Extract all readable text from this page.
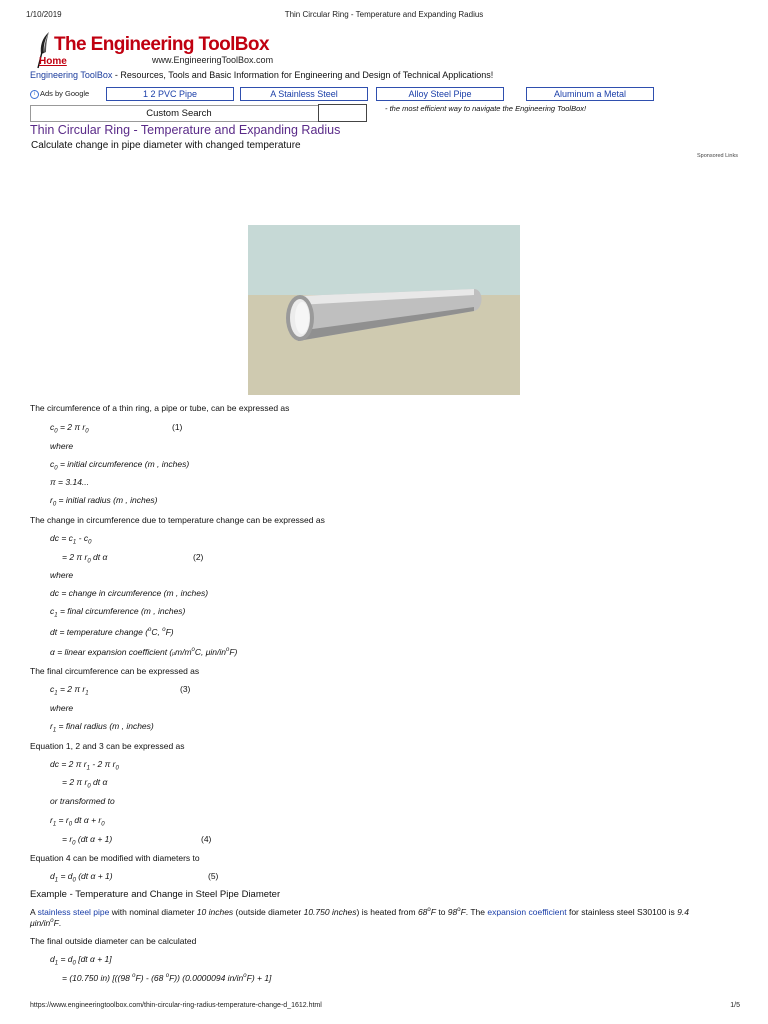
1/10/2019	Thin Circular Ring - Temperature and Expanding Radius
The Engineering ToolBox
www.EngineeringToolBox.com
Home
Engineering ToolBox - Resources, Tools and Basic Information for Engineering and Design of Technical Applications!
i Ads by Google	1 2 PVC Pipe	A Stainless Steel	Alloy Steel Pipe	Aluminum a Metal
Custom Search	- the most efficient way to navigate the Engineering ToolBox!
Thin Circular Ring - Temperature and Expanding Radius
Calculate change in pipe diameter with changed temperature
Sponsored Links
The circumference of a thin ring, a pipe or tube, can be expressed as
$c_0 = 2$ π $r_0$	(1)
where
$c_0$ = initial circumference (m , inches)
π = 3.14...
$r_0$ = initial radius (m , inches)
The change in circumference due to temperature change can be expressed as
dc = $c_1 - c_0$
= 2 π $r_0$ dt α	(2)
where
dc = change in circumference (m , inches)
$c_1$ = final circumference (m , inches)
dt = temperature change ($^o$C, $^o$F)
α = linear expansion coefficient ($\mu m/m^oC$, μin/$in^oF$)
The final circumference can be expressed as
$c_1 = 2$ π $r_1$	(3)
where
$r_1$ = final radius (m , inches)
Equation 1, 2 and 3 can be expressed as
dc = 2 π $r_1 - 2$ π $r_0$
= 2 π $r_0$ dt α
or transformed to
$r_1 = r_0$ dt $\alpha + r_0$
= $r_0$ (dt α + 1)	(4)
Equation 4 can be modified with diameters to
$d_1 = d_0$ (dt α + 1)	(5)
Example - Temperature and Change in Steel Pipe Diameter
A stainless steel pipe with nominal diameter 10 inches (outside diameter 10.750 inches) is heated from 68$^o$F to 98$^o$F. The expansion coefficient for stainless steel S30100 is 9.4
μin/$in^oF$.
The final outside diameter can be calculated
$d_1 = d_0$ [dt α + 1]
= (10.750 in) [((98 $^o$F) - (68 $^o$F)) (0.0000094 $in/in^oF) + 1$]
https://www.engineeringtoolbox.com/thin-circular-ring-radius-temperature-change-d_1612.html	1/5
